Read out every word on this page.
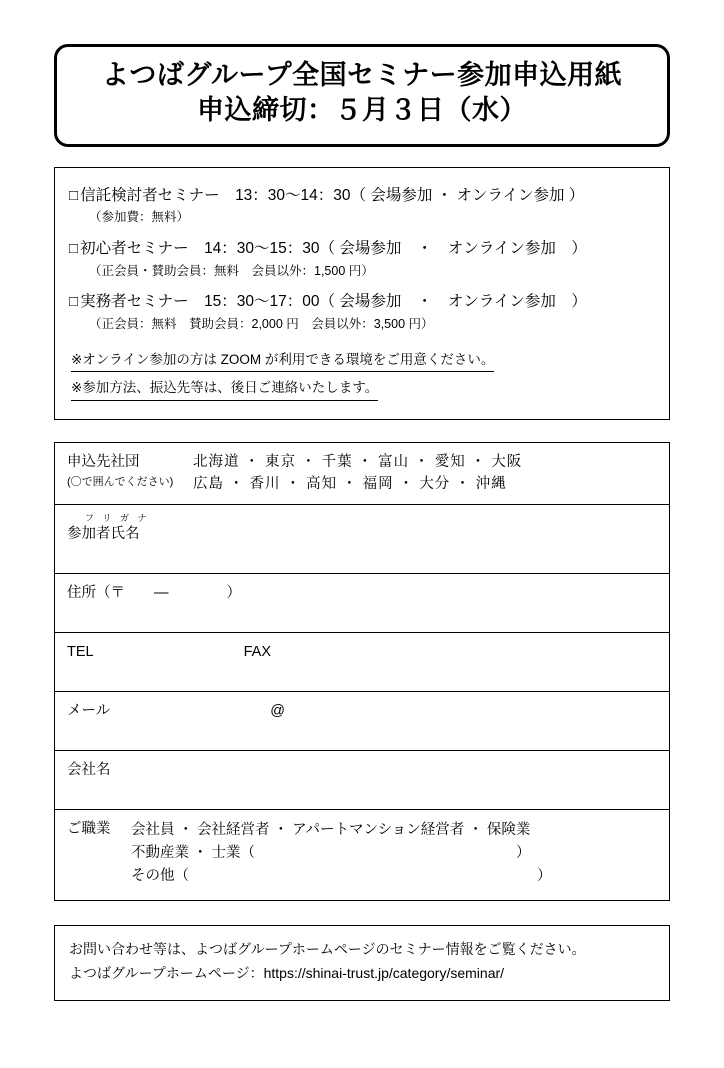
よつばグループ全国セミナー参加申込用紙
申込締切：５月３日（水）
□ 信託検討者セミナー　13：30〜14：30（ 会場参加 ・ オンライン参加 ）
（参加費：無料）
□ 初心者セミナー　14：30〜15：30（ 会場参加　・　オンライン参加　）
（正会員・賛助会員：無料　会員以外：1,500 円）
□ 実務者セミナー　15：30〜17：00（ 会場参加　・　オンライン参加　）
（正会員：無料　賛助会員：2,000 円　会員以外：3,500 円）
※オンライン参加の方は ZOOM が利用できる環境をご用意ください。
※参加方法、振込先等は、後日ご連絡いたします。
申込先社団	北海道 ・ 東京 ・ 千葉 ・ 富山 ・ 愛知 ・ 大阪
(〇で囲んでください) 広島 ・ 香川 ・ 高知 ・ 福岡 ・ 大分 ・ 沖縄

フ リ ガ ナ
参加者氏名

住所（〒　　―　　　　）

TEL	FAX

メール	@

会社名

ご職業 会社員 ・ 会社経営者 ・ アパートマンション経営者 ・ 保険業
不動産業 ・ 士業（　　　　　　　　　　　　　　　　　　）
その他（　　　　　　　　　　　　　　　　　　　　　　　　）
お問い合わせ等は、よつばグループホームページのセミナー情報をご覧ください。
よつばグループホームページ：https://shinai-trust.jp/category/seminar/
